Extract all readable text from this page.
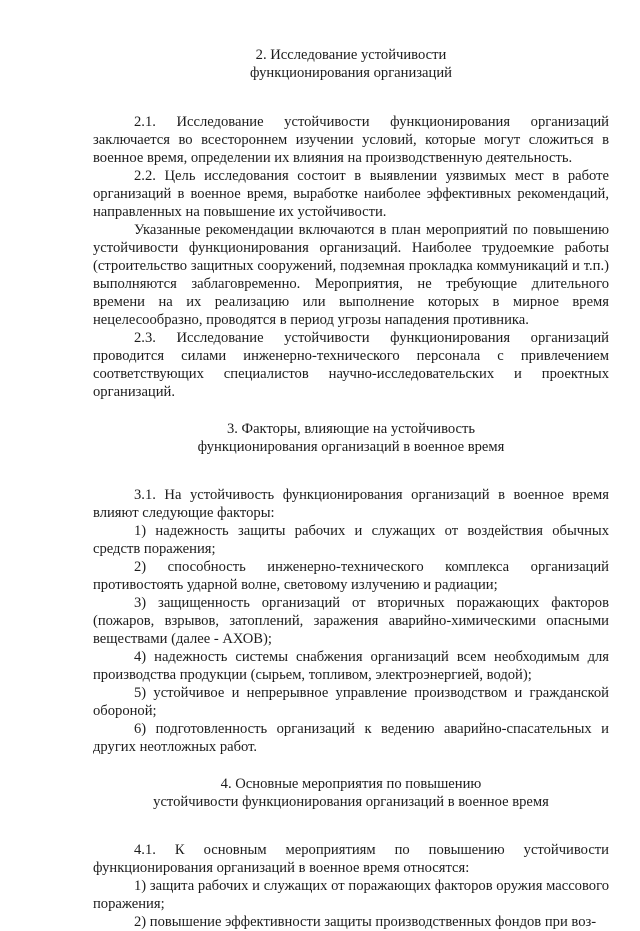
2. Исследование устойчивости
функционирования организаций

2.1. Исследование устойчивости функционирования организаций заключается во всестороннем изучении условий, которые могут сложиться в военное время, определении их влияния на производственную деятельность.

2.2. Цель исследования состоит в выявлении уязвимых мест в работе организаций в военное время, выработке наиболее эффективных рекомендаций, направленных на повышение их устойчивости.

Указанные рекомендации включаются в план мероприятий по повышению устойчивости функционирования организаций. Наиболее трудоемкие работы (строительство защитных сооружений, подземная прокладка коммуникаций и т.п.) выполняются заблаговременно. Мероприятия, не требующие длительного времени на их реализацию или выполнение которых в мирное время нецелесообразно, проводятся в период угрозы нападения противника.

2.3. Исследование устойчивости функционирования организаций проводится силами инженерно-технического персонала с привлечением соответствующих специалистов научно-исследовательских и проектных организаций.

3. Факторы, влияющие на устойчивость
функционирования организаций в военное время

3.1. На устойчивость функционирования организаций в военное время влияют следующие факторы:

1) надежность защиты рабочих и служащих от воздействия обычных средств поражения;

2) способность инженерно-технического комплекса организаций противостоять ударной волне, световому излучению и радиации;

3) защищенность организаций от вторичных поражающих факторов (пожаров, взрывов, затоплений, заражения аварийно-химическими опасными веществами (далее - АХОВ);

4) надежность системы снабжения организаций всем необходимым для производства продукции (сырьем, топливом, электроэнергией, водой);

5) устойчивое и непрерывное управление производством и гражданской обороной;

6) подготовленность организаций к ведению аварийно-спасательных и других неотложных работ.

4. Основные мероприятия по повышению
устойчивости функционирования организаций в военное время

4.1. К основным мероприятиям по повышению устойчивости функционирования организаций в военное время относятся:

1) защита рабочих и служащих от поражающих факторов оружия массового поражения;

2) повышение эффективности защиты производственных фондов при воз-
